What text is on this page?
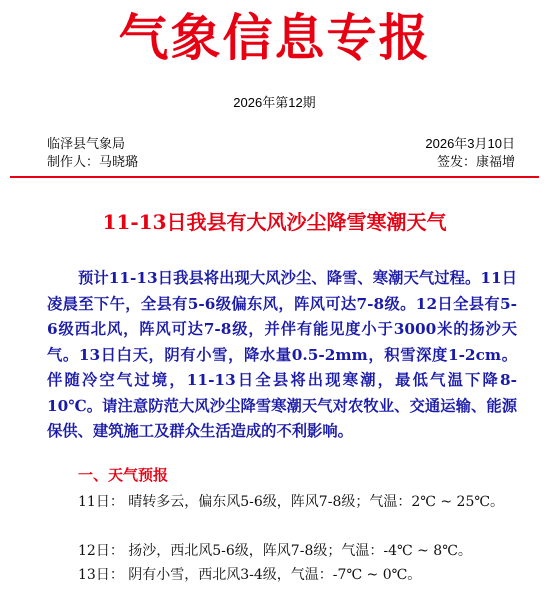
气象信息专报
2026年第12期
临泽县气象局	2026年3月10日
制作人：马晓璐	签发：康福增
11-13日我县有大风沙尘降雪寒潮天气
预计11-13日我县将出现大风沙尘、降雪、寒潮天气过程。11日凌晨至下午，全县有5-6级偏东风，阵风可达7-8级。12日全县有5-6级西北风，阵风可达7-8级，并伴有能见度小于3000米的扬沙天气。13日白天，阴有小雪，降水量0.5-2mm，积雪深度1-2cm。伴随冷空气过境，11-13日全县将出现寒潮，最低气温下降8-10℃。请注意防范大风沙尘降雪寒潮天气对农牧业、交通运输、能源保供、建筑施工及群众生活造成的不利影响。
一、天气预报
11日： 晴转多云，偏东风5-6级，阵风7-8级；气温：2℃ ~ 25℃。
12日： 扬沙，西北风5-6级，阵风7-8级；气温：-4℃ ~ 8℃。
13日： 阴有小雪，西北风3-4级，气温：-7℃ ~ 0℃。
